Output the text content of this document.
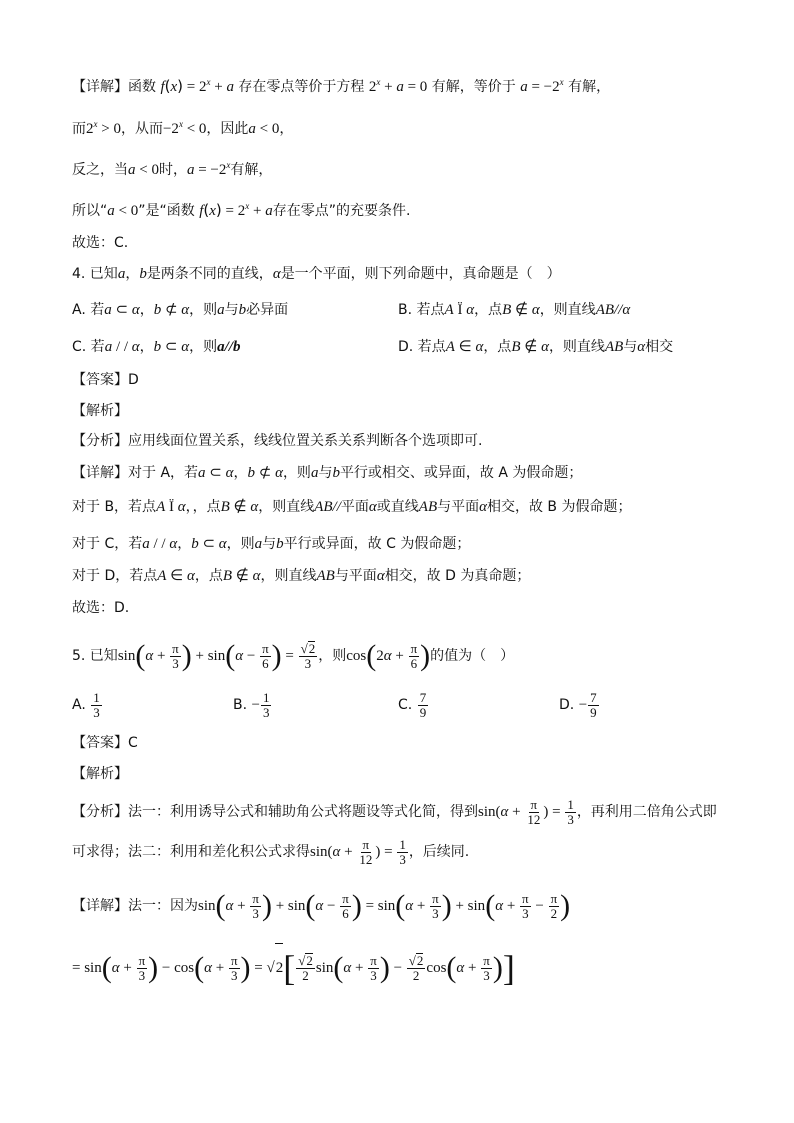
【详解】函数 $f(x) = 2^x + a$ 存在零点等价于方程 $2^x + a = 0$ 有解，等价于 $a = -2^x$ 有解，
而$2^x > 0$，从而$-2^x < 0$，因此a < 0，
反之，当a < 0时，$a = -2^x$有解，
所以“a < 0”是“函数 $f(x) = 2^x + a$存在零点”的充要条件.
故选：C.
4. 已知a，b是两条不同的直线，α是一个平面，则下列命题中，真命题是（　）
A. 若a ⊂ α，b ⊄ α，则a与b必异面	B. 若点A Ï α，点B ∉ α，则直线AB//α
C. 若a / / α，b ⊂ α，则a//b	D. 若点A ∈ α，点B ∉ α，则直线AB与α相交
【答案】D
【解析】
【分析】应用线面位置关系，线线位置关系关系判断各个选项即可.
【详解】对于 A，若a ⊂ α，b ⊄ α，则a与b平行或相交、或异面，故 A 为假命题；
对于 B，若点A Ï α，，点B ∉ α，则直线AB//平面α或直线AB与平面α相交，故 B 为假命题；
对于 C，若a / / α，b ⊂ α，则a与b平行或异面，故 C 为假命题；
对于 D，若点A ∈ α，点B ∉ α，则直线AB与平面α相交，故 D 为真命题；
故选：D.
5. 已知$\sin(\alpha + \frac{\pi}{3}$ ) + $\sin(\alpha - \frac{\pi}{6}$ ) = $\frac{√2}{3}$ ，则$\cos(2\alpha + \frac{\pi}{6}$ )的值为（　）
A. $\frac{1}{3}$	B. − $\frac{1}{3}$	C. $\frac{7}{9}$	D. − $\frac{7}{9}$
【答案】C
【解析】
【分析】法一：利用诱导公式和辅助角公式将题设等式化简，得到$\sin(\alpha + \frac{\pi}{12}$ ) = $\frac{1}{3}$ ，再利用二倍角公式即
可求得；法二：利用和差化积公式求得$\sin(\alpha + \frac{\pi}{12}$ ) = $\frac{1}{3}$ ，后续同.
【详解】法一：因为$\sin(\alpha + \frac{\pi}{3}$ ) + $\sin(\alpha - \frac{\pi}{6}$ ) = $\sin(\alpha + \frac{\pi}{3}$ ) + $\sin(\alpha + \frac{\pi}{3} - \frac{\pi}{2}$ )
= $\sin(\alpha + \frac{\pi}{3}$ ) − $\cos(\alpha + \frac{\pi}{3}$ ) = $√2[ \frac{√2}{2} \sin(\alpha + \frac{\pi}{3}$ ) − $\frac{√2}{2} \cos(\alpha + \frac{\pi}{3}$ )]
